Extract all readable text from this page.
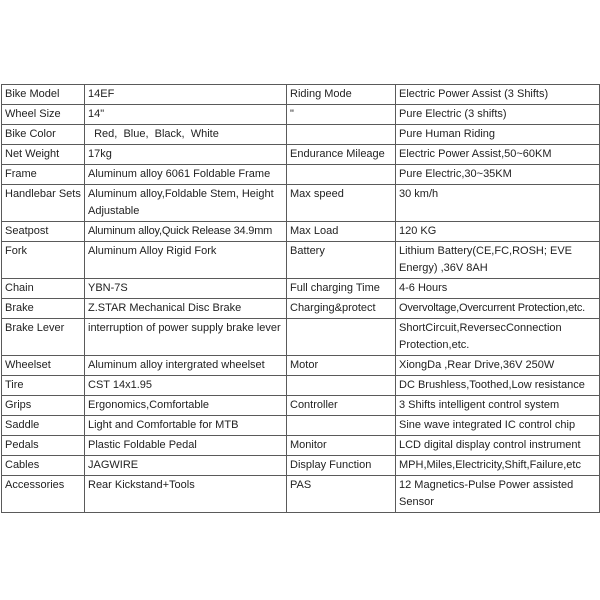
Bike Model	14EF	Riding Mode	Electric Power Assist (3 Shifts)
Wheel Size	14"	"	Pure Electric (3 shifts)
Bike Color	Red,  Blue,  Black,  White		Pure Human Riding
Net Weight	17kg	Endurance Mileage	Electric Power Assist,50~60KM
Frame	Aluminum alloy 6061 Foldable Frame		Pure Electric,30~35KM
Handlebar Sets	Aluminum alloy,Foldable Stem, Height Adjustable	Max speed	30 km/h
Seatpost	Aluminum alloy,Quick Release 34.9mm	Max Load	120 KG
Fork	Aluminum Alloy Rigid Fork	Battery	Lithium Battery(CE,FC,ROSH; EVE Energy) ,36V 8AH
Chain	YBN-7S	Full charging Time	4-6 Hours
Brake	Z.STAR Mechanical Disc Brake	Charging&protect	Overvoltage,Overcurrent Protection,etc.
Brake Lever	interruption of power supply brake lever		ShortCircuit,ReversecConnection Protection,etc.
Wheelset	Aluminum alloy intergrated wheelset	Motor	XiongDa ,Rear Drive,36V 250W
Tire	CST 14x1.95		DC Brushless,Toothed,Low resistance
Grips	Ergonomics,Comfortable	Controller	3 Shifts intelligent control system
Saddle	Light and Comfortable for MTB		Sine wave integrated IC control chip
Pedals	Plastic Foldable Pedal	Monitor	LCD digital display control instrument
Cables	JAGWIRE	Display Function	MPH,Miles,Electricity,Shift,Failure,etc
Accessories	Rear Kickstand+Tools	PAS	12 Magnetics-Pulse Power assisted Sensor
